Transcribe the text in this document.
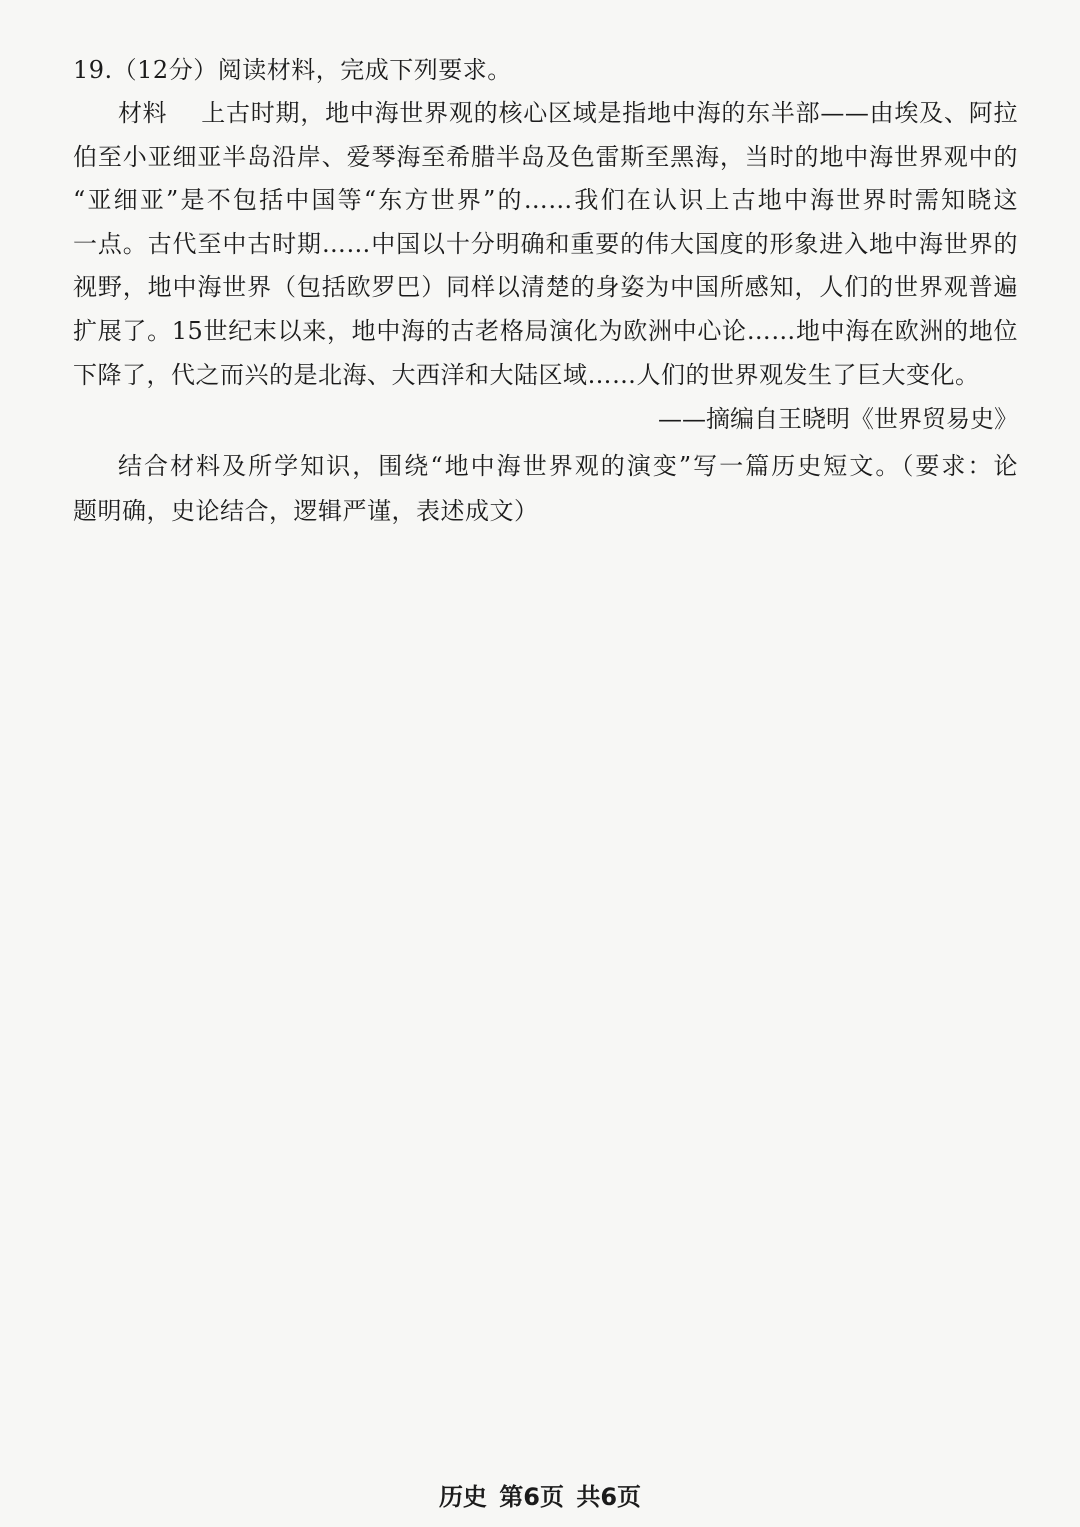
19.（12分）阅读材料，完成下列要求。
材料 上古时期，地中海世界观的核心区域是指地中海的东半部——由埃及、阿拉
伯至小亚细亚半岛沿岸、爱琴海至希腊半岛及色雷斯至黑海，当时的地中海世界观中的
“亚细亚”是不包括中国等“东方世界”的……我们在认识上古地中海世界时需知晓这
一点。古代至中古时期……中国以十分明确和重要的伟大国度的形象进入地中海世界的
视野，地中海世界（包括欧罗巴）同样以清楚的身姿为中国所感知，人们的世界观普遍
扩展了。15世纪末以来，地中海的古老格局演化为欧洲中心论……地中海在欧洲的地位
下降了，代之而兴的是北海、大西洋和大陆区域……人们的世界观发生了巨大变化。
——摘编自王晓明《世界贸易史》
结合材料及所学知识，围绕“地中海世界观的演变”写一篇历史短文。（要求：论
题明确，史论结合，逻辑严谨，表述成文）
历史 第6页 共6页
